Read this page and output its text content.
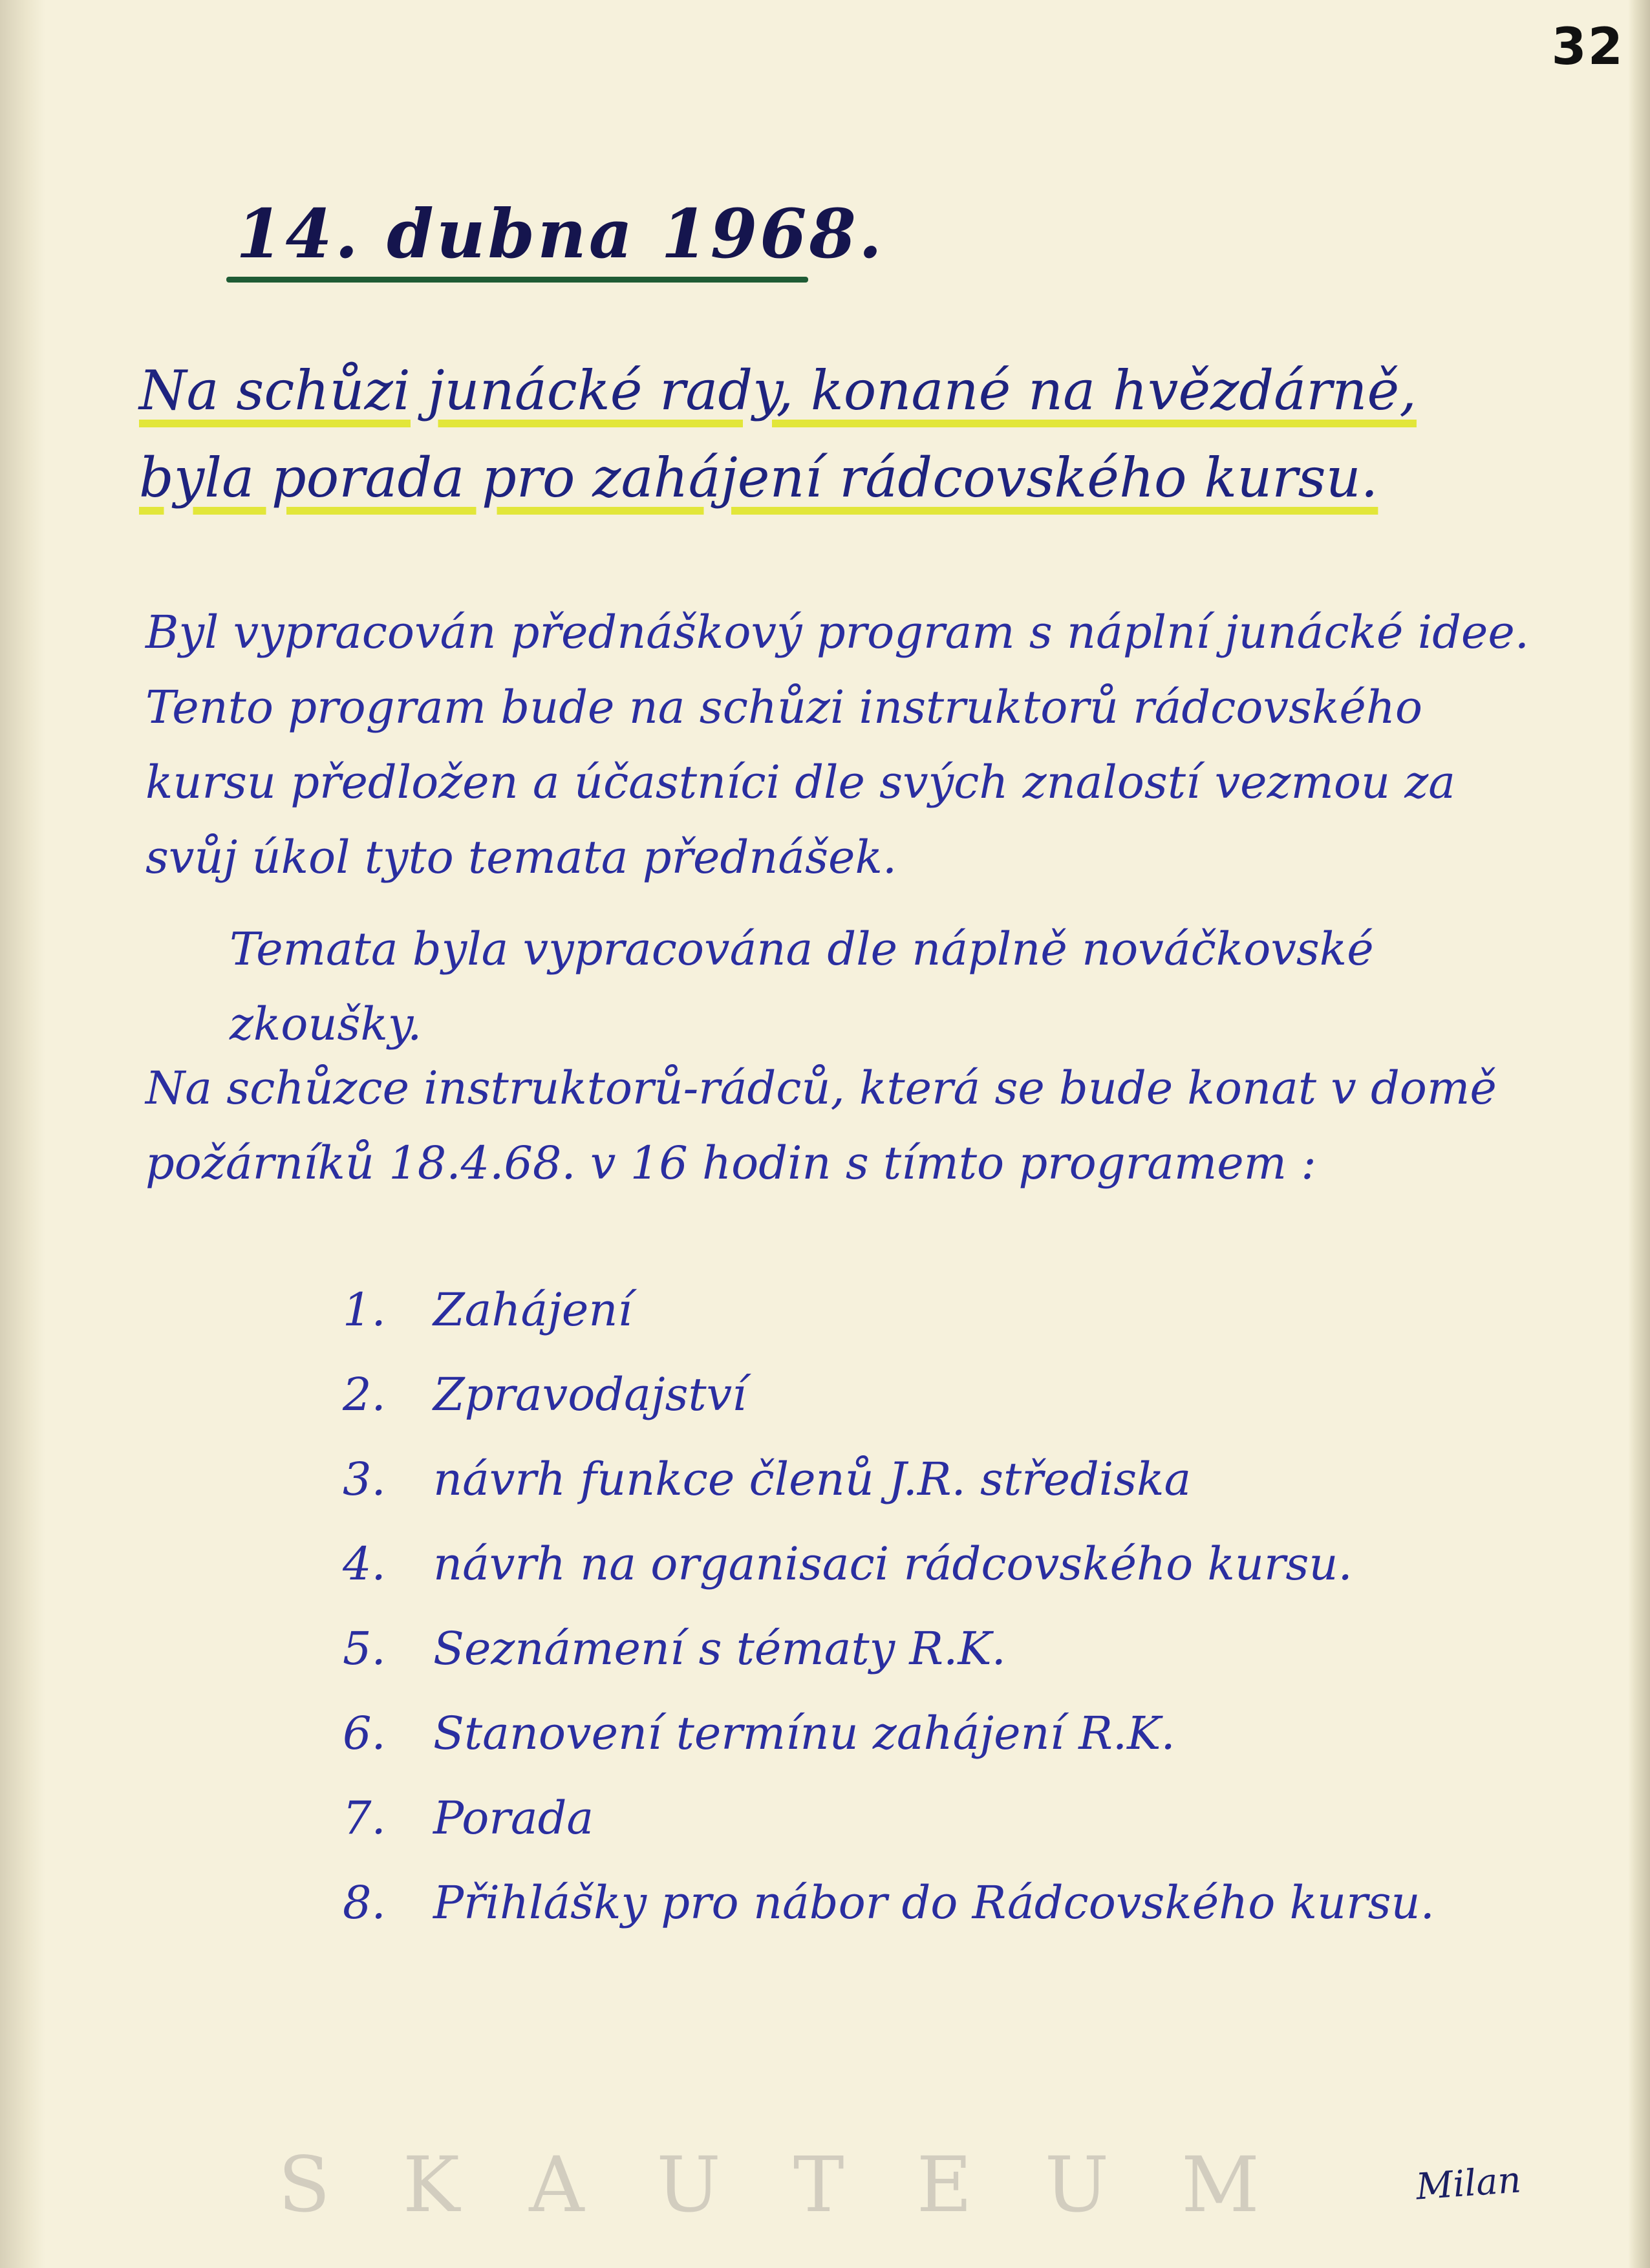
32
14. dubna 1968.
Na schůzi junácké rady, konané na hvězdárně,
byla porada pro zahájení rádcovského kursu.

Byl vypracován přednáškový program s náplní junácké idee. Tento program bude na schůzi instruktorů rádcovského kursu předložen a účastníci dle svých znalostí vezmou za svůj úkol tyto temata přednášek.

Temata byla vypracována dle náplně nováčkovské zkoušky.

Na schůzce instruktorů-rádců, která se bude konat v domě požárníků 18.4.68. v 16 hodin s tímto programem :

1.	Zahájení
2.	Zpravodajství
3.	návrh funkce členů J.R. střediska
4.	návrh na organisaci rádcovského kursu.
5.	Seznámení s tématy R.K.
6.	Stanovení termínu zahájení R.K.
7.	Porada
8.	Přihlášky pro nábor do Rádcovského kursu.
SKAUTEUM Milan
